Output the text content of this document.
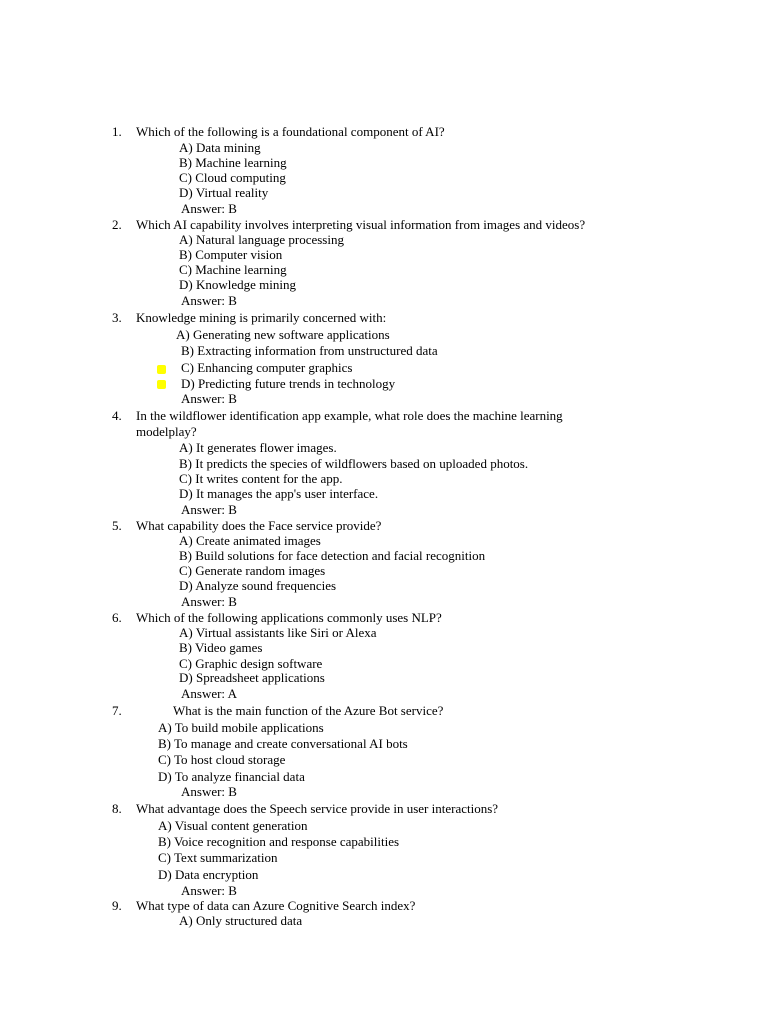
1. Which of the following is a foundational component of AI?
A) Data mining
B) Machine learning
C) Cloud computing
D) Virtual reality
Answer: B
2. Which AI capability involves interpreting visual information from images and videos?
A) Natural language processing
B) Computer vision
C) Machine learning
D) Knowledge mining
Answer: B
3. Knowledge mining is primarily concerned with:
A) Generating new software applications
B) Extracting information from unstructured data
C) Enhancing computer graphics
D) Predicting future trends in technology
Answer: B
4. In the wildflower identification app example, what role does the machine learning
modelplay?
A) It generates flower images.
B) It predicts the species of wildflowers based on uploaded photos.
C) It writes content for the app.
D) It manages the app's user interface.
Answer: B
5. What capability does the Face service provide?
A) Create animated images
B) Build solutions for face detection and facial recognition
C) Generate random images
D) Analyze sound frequencies
Answer: B
6. Which of the following applications commonly uses NLP?
A) Virtual assistants like Siri or Alexa
B) Video games
C) Graphic design software
D) Spreadsheet applications
Answer: A
7.	What is the main function of the Azure Bot service?
A) To build mobile applications
B) To manage and create conversational AI bots
C) To host cloud storage
D) To analyze financial data
Answer: B
8. What advantage does the Speech service provide in user interactions?
A) Visual content generation
B) Voice recognition and response capabilities
C) Text summarization
D) Data encryption
Answer: B
9. What type of data can Azure Cognitive Search index?
A) Only structured data
